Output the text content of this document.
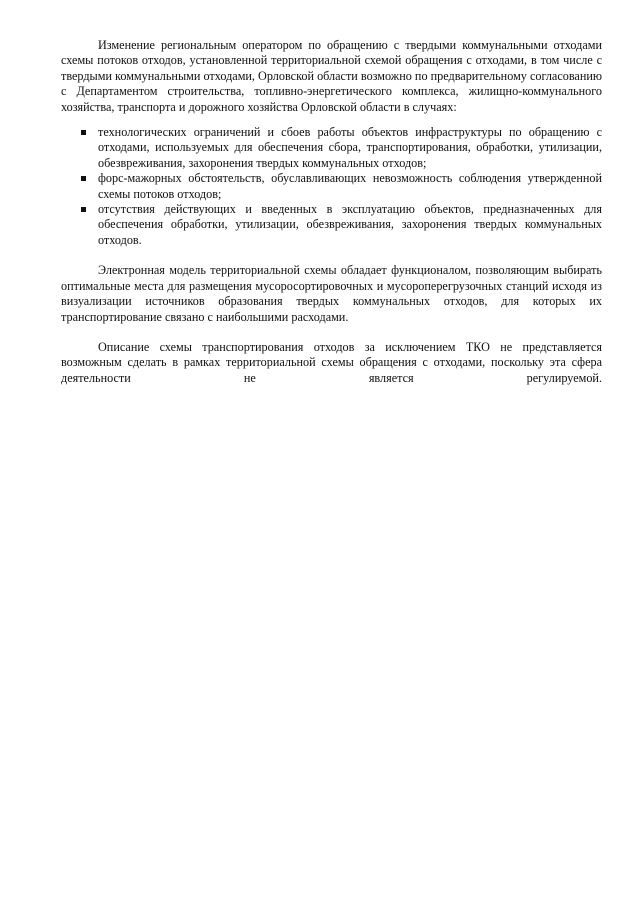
Изменение региональным оператором по обращению с твердыми коммунальными отходами схемы потоков отходов, установленной территориальной схемой обращения с отходами, в том числе с твердыми коммунальными отходами, Орловской области возможно по предварительному согласованию с Департаментом строительства, топливно-энергетического комплекса, жилищно-коммунального хозяйства, транспорта и дорожного хозяйства Орловской области в случаях:

технологических ограничений и сбоев работы объектов инфраструктуры по обращению с отходами, используемых для обеспечения сбора, транспортирования, обработки, утилизации, обезвреживания, захоронения твердых коммунальных отходов;
форс-мажорных обстоятельств, обуславливающих невозможность соблюдения утвержденной схемы потоков отходов;
отсутствия действующих и введенных в эксплуатацию объектов, предназначенных для обеспечения обработки, утилизации, обезвреживания, захоронения твердых коммунальных отходов.

Электронная модель территориальной схемы обладает функционалом, позволяющим выбирать оптимальные места для размещения мусоросортировочных и мусороперегрузочных станций исходя из визуализации источников образования твердых коммунальных отходов, для которых их транспортирование связано с наибольшими расходами.

Описание схемы транспортирования отходов за исключением ТКО не представляется возможным сделать в рамках территориальной схемы обращения с отходами, поскольку эта сфера деятельности не является регулируемой.
